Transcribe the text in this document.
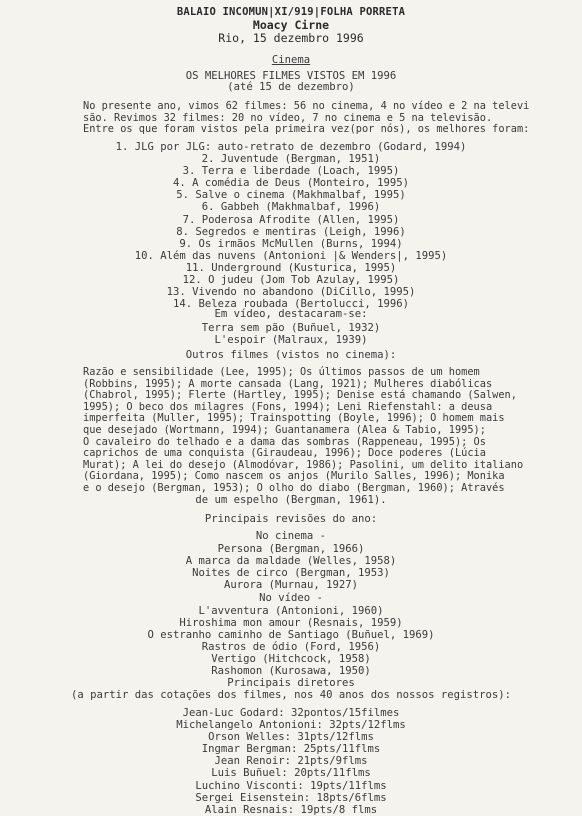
BALAIO INCOMUN|XI/919|FOLHA PORRETA
Moacy Cirne
Rio, 15 dezembro 1996
Cinema
OS MELHORES FILMES VISTOS EM 1996
(até 15 de dezembro)
No presente ano, vimos 62 filmes: 56 no cinema, 4 no vídeo e 2 na televi
são. Revimos 32 filmes: 20 no vídeo, 7 no cinema e 5 na televisão.
Entre os que foram vistos pela primeira vez(por nós), os melhores foram:
1. JLG por JLG: auto-retrato de dezembro (Godard, 1994)
2. Juventude (Bergman, 1951)
3. Terra e liberdade (Loach, 1995)
4. A comédia de Deus (Monteiro, 1995)
5. Salve o cinema (Makhmalbaf, 1995)
6. Gabbeh (Makhmalbaf, 1996)
7. Poderosa Afrodite (Allen, 1995)
8. Segredos e mentiras (Leigh, 1996)
9. Os irmãos McMullen (Burns, 1994)
10. Além das nuvens (Antonioni |& Wenders|, 1995)
11. Underground (Kusturica, 1995)
12. O judeu (Jom Tob Azulay, 1995)
13. Vivendo no abandono (DiCillo, 1995)
14. Beleza roubada (Bertolucci, 1996)
Em vídeo, destacaram-se:
Terra sem pão (Buñuel, 1932)
L'espoir (Malraux, 1939)
Outros filmes (vistos no cinema):
Razão e sensibilidade (Lee, 1995); Os últimos passos de um homem
(Robbins, 1995); A morte cansada (Lang, 1921); Mulheres diabólicas
(Chabrol, 1995); Flerte (Hartley, 1995); Denise está chamando (Salwen,
1995); O beco dos milagres (Fons, 1994); Leni Riefenstahl: a deusa
imperfeita (Muller, 1995); Trainspotting (Boyle, 1996); O homem mais
que desejado (Wortmann, 1994); Guantanamera (Alea & Tabio, 1995);
O cavaleiro do telhado e a dama das sombras (Rappeneau, 1995); Os
caprichos de uma conquista (Giraudeau, 1996); Doce poderes (Lúcia
Murat); A lei do desejo (Almodóvar, 1986); Pasolini, um delito italiano
(Giordana, 1995); Como nascem os anjos (Murilo Salles, 1996); Monika
e o desejo (Bergman, 1953); O olho do diabo (Bergman, 1960); Através
de um espelho (Bergman, 1961).
Principais revisões do ano:
No cinema -
Persona (Bergman, 1966)
A marca da maldade (Welles, 1958)
Noites de circo (Bergman, 1953)
Aurora (Murnau, 1927)
No vídeo -
L'avventura (Antonioni, 1960)
Hiroshima mon amour (Resnais, 1959)
O estranho caminho de Santiago (Buñuel, 1969)
Rastros de ódio (Ford, 1956)
Vertigo (Hitchcock, 1958)
Rashomon (Kurosawa, 1950)
Principais diretores
(a partir das cotações dos filmes, nos 40 anos dos nossos registros):
Jean-Luc Godard: 32pontos/15filmes
Michelangelo Antonioni: 32pts/12flms
Orson Welles: 31pts/12flms
Ingmar Bergman: 25pts/11flms
Jean Renoir: 21pts/9flms
Luis Buñuel: 20pts/11flms
Luchino Visconti: 19pts/11flms
Sergei Eisenstein: 18pts/6flms
Alain Resnais: 19pts/8 flms
